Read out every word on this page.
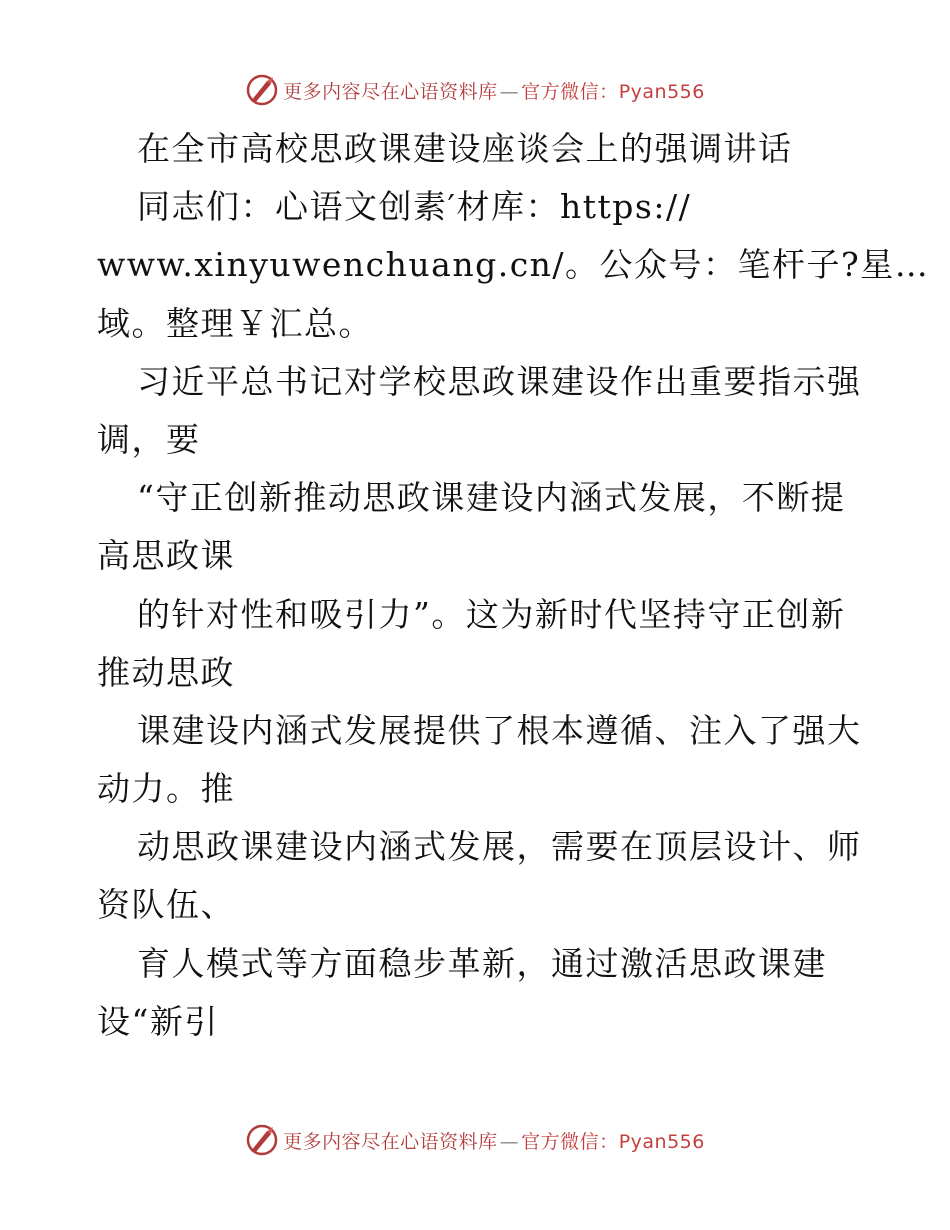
更多内容尽在心语资料库 — 官方微信：Pyan556
在全市高校思政课建设座谈会上的强调讲话
同志们：心语文创素′材库：https://
www.xinyuwenchuang.cn/。公众号：笔杆子?星…
域。整理￥汇总。
习近平总书记对学校思政课建设作出重要指示强
调，要
“守正创新推动思政课建设内涵式发展，不断提
高思政课
的针对性和吸引力”。这为新时代坚持守正创新
推动思政
课建设内涵式发展提供了根本遵循、注入了强大
动力。推
动思政课建设内涵式发展，需要在顶层设计、师
资队伍、
育人模式等方面稳步革新，通过激活思政课建
设“新引
更多内容尽在心语资料库 — 官方微信：Pyan556
